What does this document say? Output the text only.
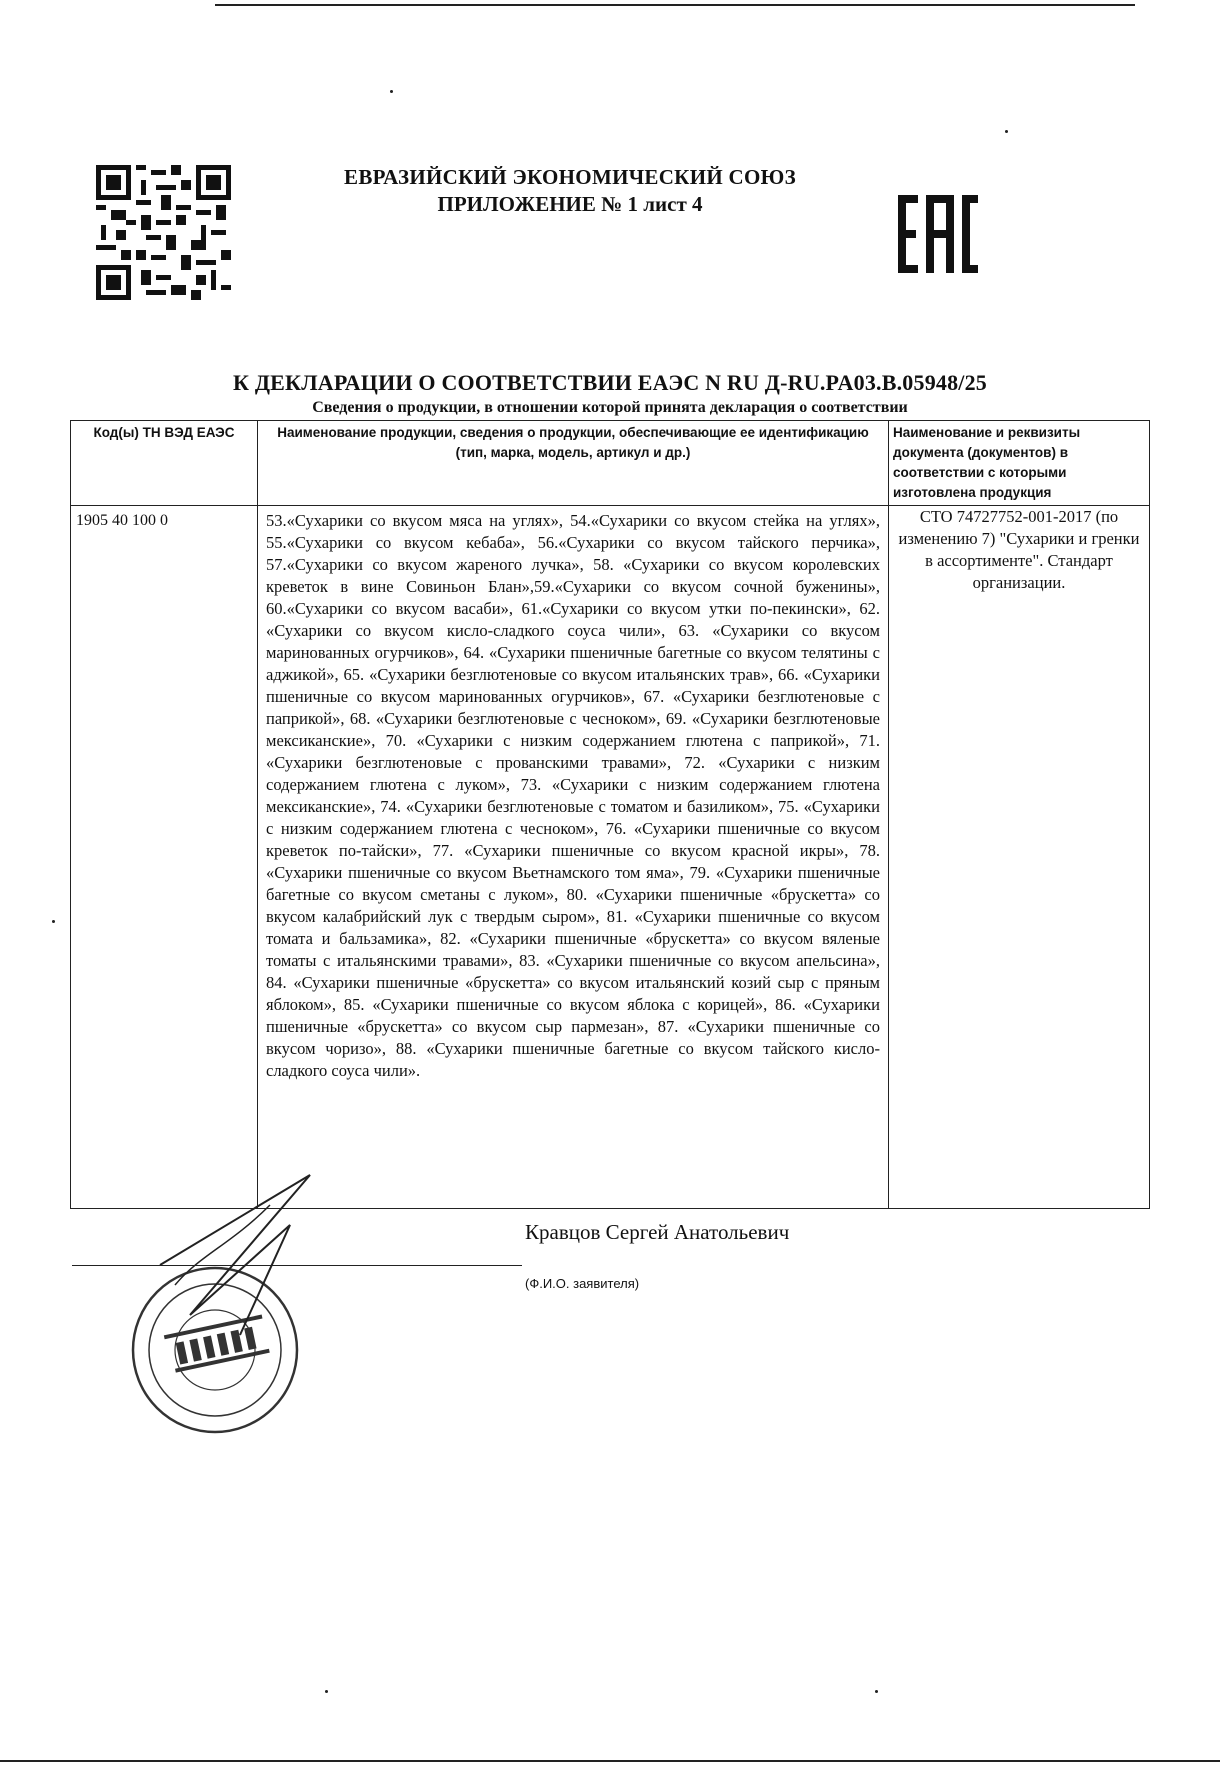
ЕВРАЗИЙСКИЙ ЭКОНОМИЧЕСКИЙ СОЮЗ
ПРИЛОЖЕНИЕ № 1 лист 4
К ДЕКЛАРАЦИИ О СООТВЕТСТВИИ ЕАЭС N RU Д-RU.PA03.B.05948/25
Сведения о продукции, в отношении которой принята декларация о соответствии
Код(ы) ТН ВЭД ЕАЭС	Наименование продукции, сведения о продукции, обеспечивающие ее идентификацию (тип, марка, модель, артикул и др.)	Наименование и реквизиты документа (документов) в соответствии с которыми изготовлена продукция
1905 40 100 0	53.«Сухарики со вкусом мяса на углях», 54.«Сухарики со вкусом стейка на углях», 55.«Сухарики со вкусом кебаба», 56.«Сухарики со вкусом тайского перчика», 57.«Сухарики со вкусом жареного лучка», 58. «Сухарики со вкусом королевских креветок в вине Совиньон Блан»,59.«Сухарики со вкусом сочной буженины», 60.«Сухарики со вкусом васаби», 61.«Сухарики со вкусом утки по-пекински», 62. «Сухарики со вкусом кисло-сладкого соуса чили», 63. «Сухарики со вкусом маринованных огурчиков», 64. «Сухарики пшеничные багетные со вкусом телятины с аджикой», 65. «Сухарики безглютеновые со вкусом итальянских трав», 66. «Сухарики пшеничные со вкусом маринованных огурчиков», 67. «Сухарики безглютеновые с паприкой», 68. «Сухарики безглютеновые с чесноком», 69. «Сухарики безглютеновые мексиканские», 70. «Сухарики с низким содержанием глютена с паприкой», 71. «Сухарики безглютеновые с прованскими травами», 72. «Сухарики с низким содержанием глютена с луком», 73. «Сухарики с низким содержанием глютена мексиканские», 74. «Сухарики безглютеновые с томатом и базиликом», 75. «Сухарики с низким содержанием глютена с чесноком», 76. «Сухарики пшеничные со вкусом креветок по-тайски», 77. «Сухарики пшеничные со вкусом красной икры», 78. «Сухарики пшеничные со вкусом Вьетнамского том яма», 79. «Сухарики пшеничные багетные со вкусом сметаны с луком», 80. «Сухарики пшеничные «брускетта» со вкусом калабрийский лук с твердым сыром», 81. «Сухарики пшеничные со вкусом томата и бальзамика», 82. «Сухарики пшеничные «брускетта» со вкусом вяленые томаты с итальянскими травами», 83. «Сухарики пшеничные со вкусом апельсина», 84. «Сухарики пшеничные «брускетта» со вкусом итальянский козий сыр с пряным яблоком», 85. «Сухарики пшеничные со вкусом яблока с корицей», 86. «Сухарики пшеничные «брускетта» со вкусом сыр пармезан», 87. «Сухарики пшеничные со вкусом чоризо», 88. «Сухарики пшеничные багетные со вкусом тайского кисло-сладкого соуса чили».	СТО 74727752-001-2017 (по изменению 7) "Сухарики и гренки в ассортименте". Стандарт организации.
Кравцов Сергей Анатольевич
(Ф.И.О. заявителя)
